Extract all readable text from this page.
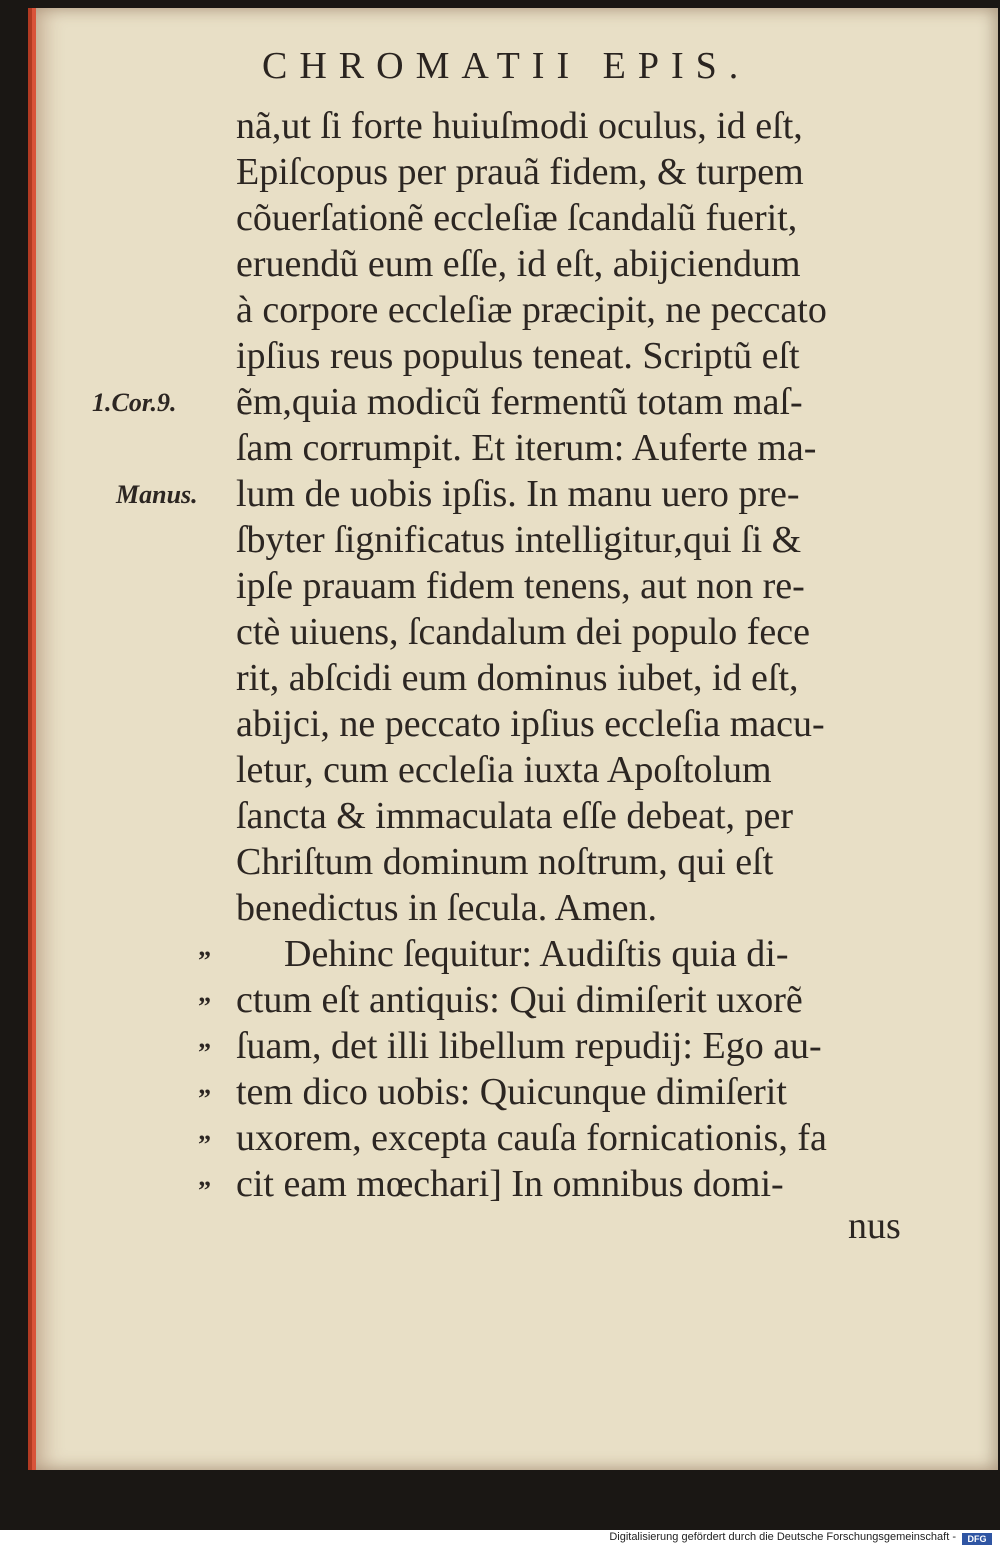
CHROMATII EPIS.
1.Cor.9.
Manus.
nã,ut ſi forte huiuſmodi oculus, id eſt,
Epiſcopus per prauã fidem, & turpem
cõuerſationẽ eccleſiæ ſcandalũ fuerit,
eruendũ eum eſſe, id eſt, abijciendum
à corpore eccleſiæ præcipit, ne peccato
ipſius reus populus teneat. Scriptũ eſt
ẽm,quia modicũ fermentũ totam maſ-
ſam corrumpit. Et iterum: Auferte ma-
lum de uobis ipſis. In manu uero pre-
ſbyter ſignificatus intelligitur,qui ſi &
ipſe prauam fidem tenens, aut non re-
ctè uiuens, ſcandalum dei populo fece
rit, abſcidi eum dominus iubet, id eſt,
abijci, ne peccato ipſius eccleſia macu-
letur, cum eccleſia iuxta Apoſtolum
ſancta & immaculata eſſe debeat, per
Chriſtum dominum noſtrum, qui eſt
benedictus in ſecula. Amen.
Dehinc ſequitur: Audiſtis quia di-
ctum eſt antiquis: Qui dimiſerit uxorẽ
ſuam, det illi libellum repudij: Ego au-
tem dico uobis: Quicunque dimiſerit
uxorem, excepta cauſa fornicationis, fa
cit eam mœchari] In omnibus domi-
”
”
”
”
”
”
nus
Digitalisierung gefördert durch die Deutsche Forschungsgemeinschaft -	DFG
